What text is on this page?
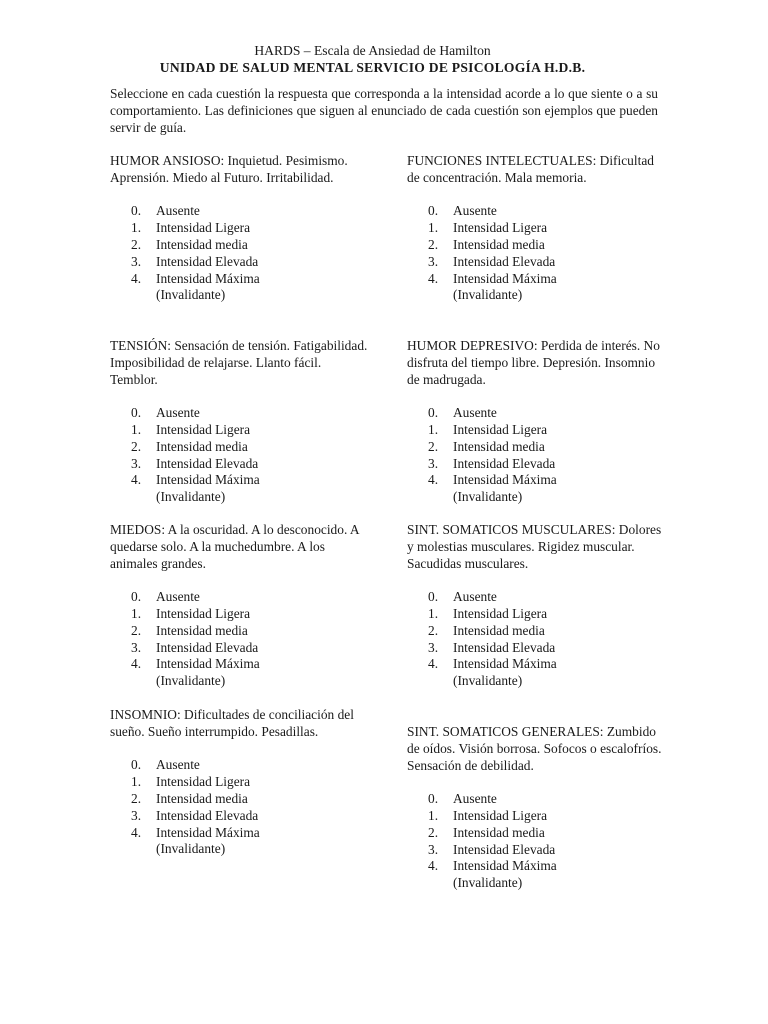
HARDS – Escala de Ansiedad de Hamilton
UNIDAD DE SALUD MENTAL SERVICIO DE PSICOLOGÍA H.D.B.
Seleccione en cada cuestión la respuesta que corresponda a la intensidad acorde a lo que siente o a su comportamiento. Las definiciones que siguen al enunciado de cada cuestión son ejemplos que pueden servir de guía.

HUMOR ANSIOSO: Inquietud. Pesimismo. Aprensión. Miedo al Futuro. Irritabilidad.

0. Ausente
1. Intensidad Ligera
2. Intensidad media
3. Intensidad Elevada
4. Intensidad Máxima
(Invalidante)

TENSIÓN: Sensación de tensión. Fatigabilidad. Imposibilidad de relajarse. Llanto fácil. Temblor.

0. Ausente
1. Intensidad Ligera
2. Intensidad media
3. Intensidad Elevada
4. Intensidad Máxima
(Invalidante)

MIEDOS: A la oscuridad. A lo desconocido. A quedarse solo. A la muchedumbre. A los animales grandes.

0. Ausente
1. Intensidad Ligera
2. Intensidad media
3. Intensidad Elevada
4. Intensidad Máxima
(Invalidante)

INSOMNIO: Dificultades de conciliación del sueño. Sueño interrumpido. Pesadillas.

0. Ausente
1. Intensidad Ligera
2. Intensidad media
3. Intensidad Elevada
4. Intensidad Máxima
(Invalidante)

FUNCIONES INTELECTUALES: Dificultad de concentración. Mala memoria.

0. Ausente
1. Intensidad Ligera
2. Intensidad media
3. Intensidad Elevada
4. Intensidad Máxima
(Invalidante)

HUMOR DEPRESIVO: Perdida de interés. No disfruta del tiempo libre. Depresión. Insomnio de madrugada.

0. Ausente
1. Intensidad Ligera
2. Intensidad media
3. Intensidad Elevada
4. Intensidad Máxima
(Invalidante)

SINT. SOMATICOS MUSCULARES: Dolores y molestias musculares. Rigidez muscular. Sacudidas musculares.

0. Ausente
1. Intensidad Ligera
2. Intensidad media
3. Intensidad Elevada
4. Intensidad Máxima
(Invalidante)

SINT. SOMATICOS GENERALES: Zumbido de oídos. Visión borrosa. Sofocos o escalofríos. Sensación de debilidad.

0. Ausente
1. Intensidad Ligera
2. Intensidad media
3. Intensidad Elevada
4. Intensidad Máxima
(Invalidante)
